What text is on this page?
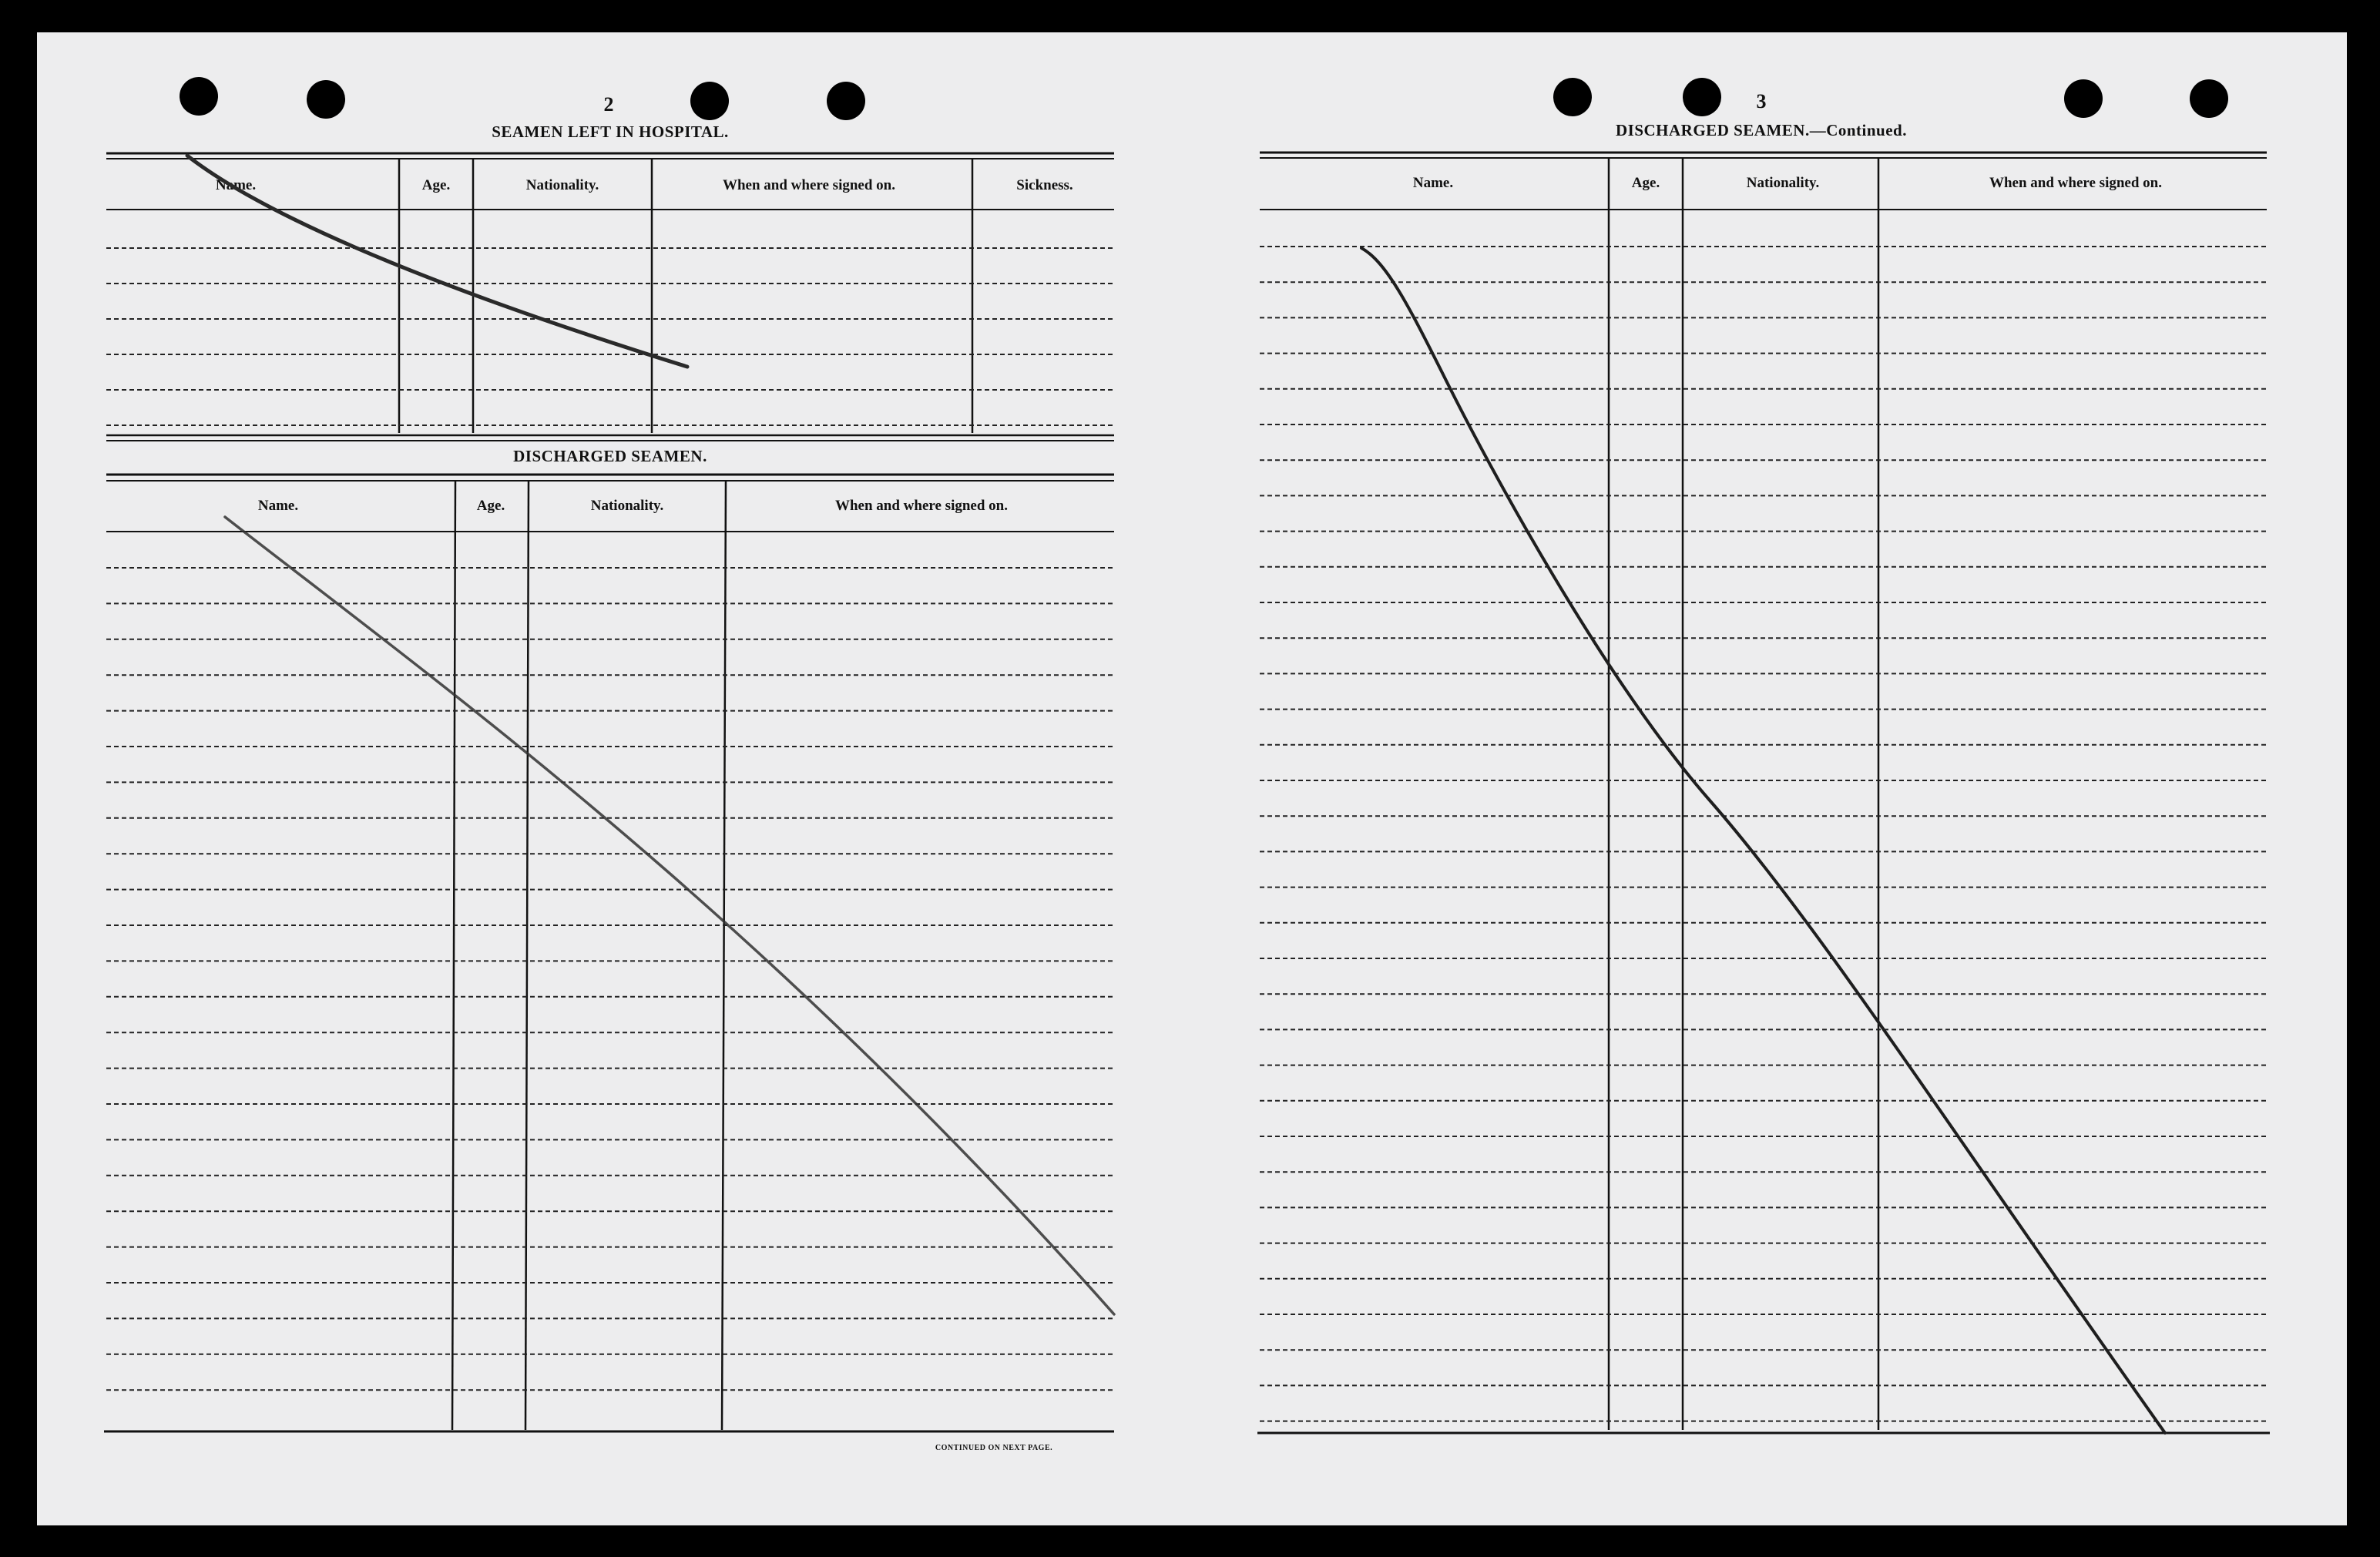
2
SEAMEN LEFT IN HOSPITAL.
Name.	Age.	Nationality.	When and where signed on.	Sickness.
DISCHARGED SEAMEN.
Name.	Age.	Nationality.	When and where signed on.
CONTINUED ON NEXT PAGE.
3
DISCHARGED SEAMEN.—Continued.
Name.	Age.	Nationality.	When and where signed on.
